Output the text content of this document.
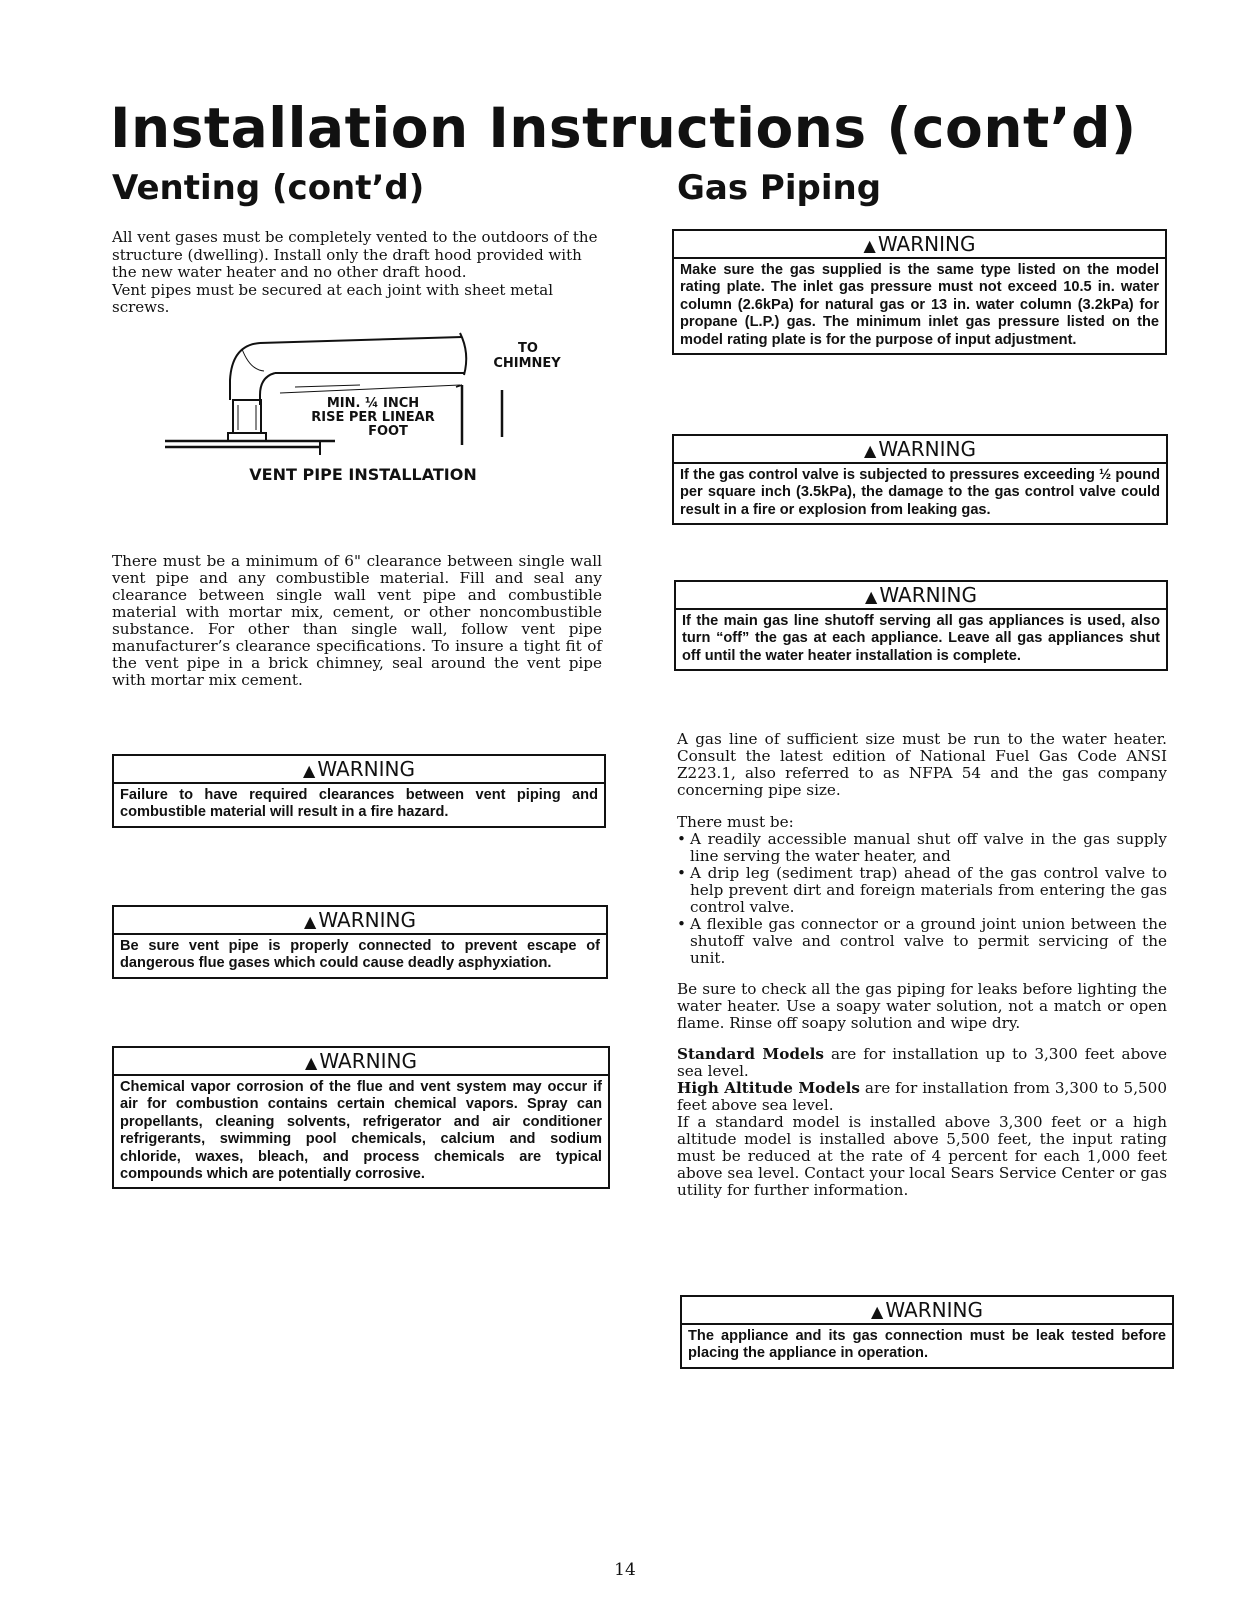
Installation Instructions (cont’d)
Venting (cont’d)
All vent gases must be completely vented to the outdoors of the
structure (dwelling). Install only the draft hood provided with
the new water heater and no other draft hood.
Vent pipes must be secured at each joint with sheet metal screws.
TO
CHIMNEY
MIN. ¼ INCH
RISE PER LINEAR
FOOT
VENT PIPE INSTALLATION

There must be a minimum of 6" clearance between single wall vent pipe and any combustible material. Fill and seal any clearance between single wall vent pipe and combustible material with mortar mix, cement, or other noncombustible substance. For other than single wall, follow vent pipe manufacturer’s clearance specifications. To insure a tight fit of the vent pipe in a brick chimney, seal around the vent pipe with mortar mix cement.

▲ WARNING
Failure to have required clearances between vent piping and combustible material will result in a fire hazard.
▲ WARNING
Be sure vent pipe is properly connected to prevent escape of dangerous flue gases which could cause deadly asphyxiation.
▲ WARNING
Chemical vapor corrosion of the flue and vent system may occur if air for combustion contains certain chemical vapors. Spray can propellants, cleaning solvents, refrigerator and air conditioner refrigerants, swimming pool chemicals, calcium and sodium chloride, waxes, bleach, and process chemicals are typical compounds which are potentially corrosive.
Gas Piping
▲ WARNING
Make sure the gas supplied is the same type listed on the model rating plate. The inlet gas pressure must not exceed 10.5 in. water column (2.6kPa) for natural gas or 13 in. water column (3.2kPa) for propane (L.P.) gas. The minimum inlet gas pressure listed on the model rating plate is for the purpose of input adjustment.
▲ WARNING
If the gas control valve is subjected to pressures exceeding ½ pound per square inch (3.5kPa), the damage to the gas control valve could result in a fire or explosion from leaking gas.
▲ WARNING
If the main gas line shutoff serving all gas appliances is used, also turn “off” the gas at each appliance. Leave all gas appliances shut off until the water heater installation is complete.

A gas line of sufficient size must be run to the water heater. Consult the latest edition of National Fuel Gas Code ANSI Z223.1, also referred to as NFPA 54 and the gas company concerning pipe size.

There must be:

• A readily accessible manual shut off valve in the gas supply line serving the water heater, and
• A drip leg (sediment trap) ahead of the gas control valve to help prevent dirt and foreign materials from entering the gas control valve.
• A flexible gas connector or a ground joint union between the shutoff valve and control valve to permit servicing of the unit.

Be sure to check all the gas piping for leaks before lighting the water heater. Use a soapy water solution, not a match or open flame. Rinse off soapy solution and wipe dry.

Standard Models are for installation up to 3,300 feet above sea level.

High Altitude Models are for installation from 3,300 to 5,500 feet above sea level.

If a standard model is installed above 3,300 feet or a high altitude model is installed above 5,500 feet, the input rating must be reduced at the rate of 4 percent for each 1,000 feet above sea level. Contact your local Sears Service Center or gas utility for further information.

▲ WARNING
The appliance and its gas connection must be leak tested before placing the appliance in operation.
14
